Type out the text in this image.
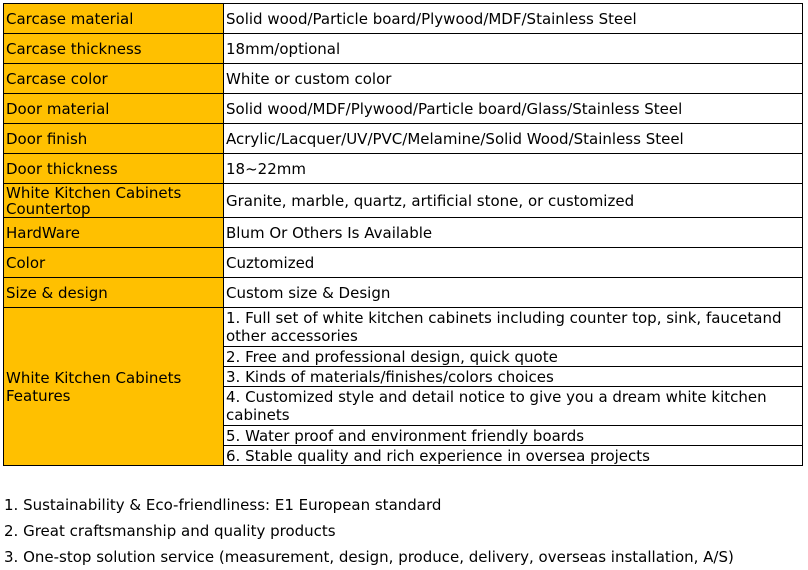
Carcase material	Solid wood/Particle board/Plywood/MDF/Stainless Steel
Carcase thickness	18mm/optional
Carcase color	White or custom color
Door material	Solid wood/MDF/Plywood/Particle board/Glass/Stainless Steel
Door finish	Acrylic/Lacquer/UV/PVC/Melamine/Solid Wood/Stainless Steel
Door thickness	18~22mm
White Kitchen Cabinets Countertop	Granite, marble, quartz, artificial stone, or customized
HardWare	Blum Or Others Is Available
Color	Cuztomized
Size & design	Custom size & Design
White Kitchen Cabinets Features	1. Full set of white kitchen cabinets including counter top, sink, faucetand other accessories
	2. Free and professional design, quick quote
	3. Kinds of materials/finishes/colors choices
	4. Customized style and detail notice to give you a dream white kitchen cabinets
	5. Water proof and environment friendly boards
	6. Stable quality and rich experience in oversea projects
1. Sustainability & Eco-friendliness: E1 European standard
2. Great craftsmanship and quality products
3. One-stop solution service (measurement, design, produce, delivery, overseas installation, A/S)
